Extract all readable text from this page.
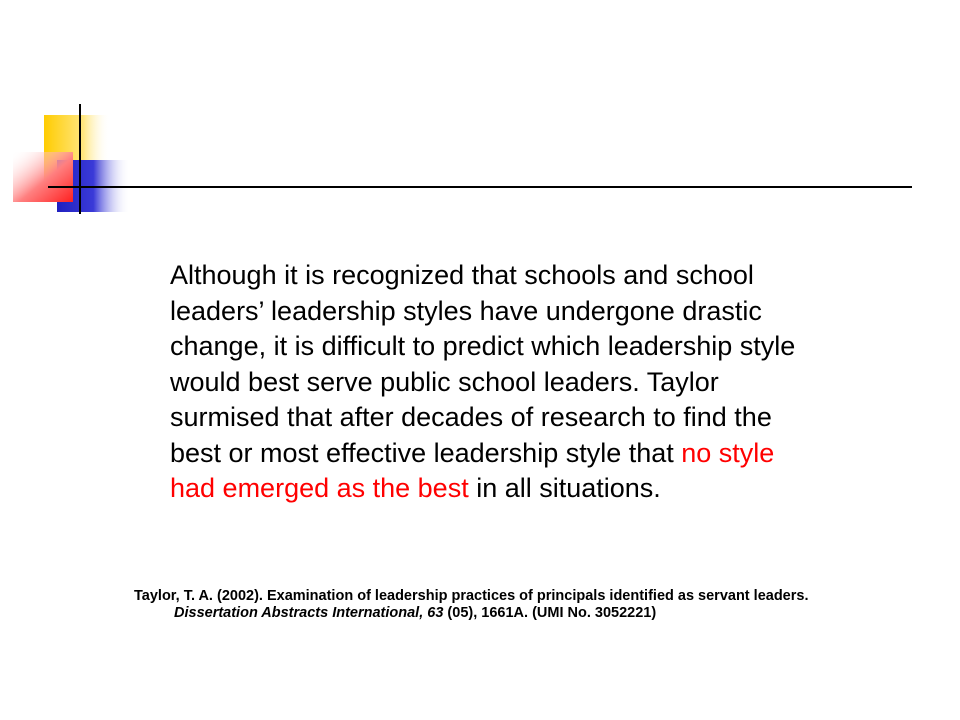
Although it is recognized that schools and school
leaders’ leadership styles have undergone drastic
change, it is difficult to predict which leadership style
would best serve public school leaders. Taylor
surmised that after decades of research to find the
best or most effective leadership style that no style
had emerged as the best in all situations.
Taylor, T. A. (2002). Examination of leadership practices of principals identified as servant leaders.
Dissertation Abstracts International, 63 (05), 1661A. (UMI No. 3052221)
